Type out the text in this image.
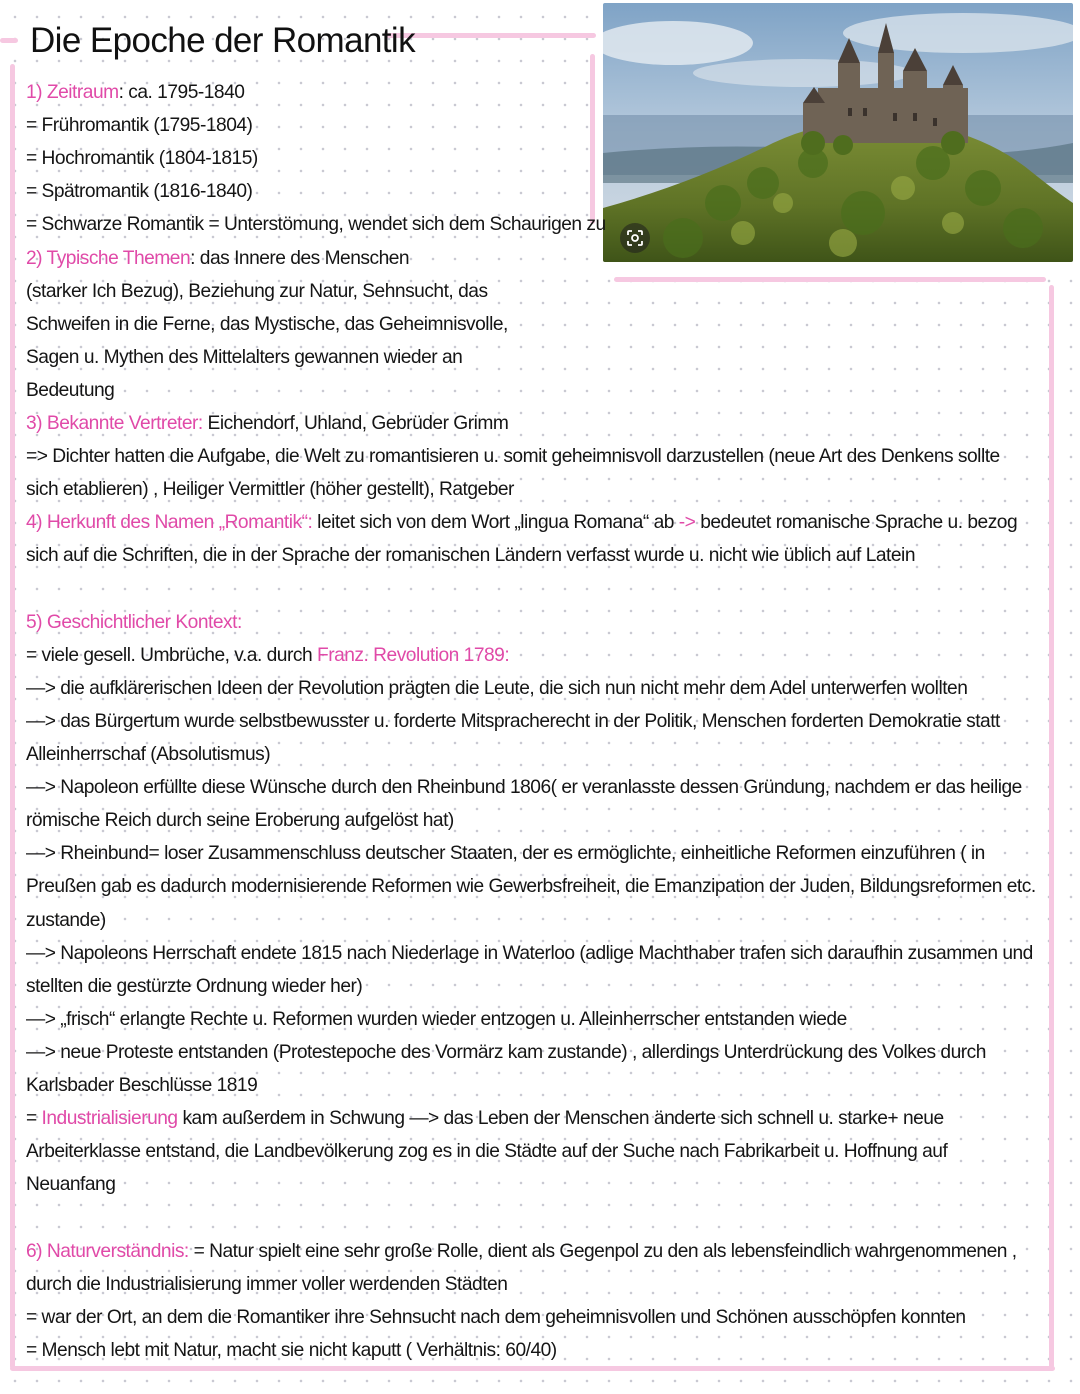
Die Epoche der Romantik
1) Zeitraum: ca. 1795-1840
= Frühromantik (1795-1804)
= Hochromantik (1804-1815)
= Spätromantik (1816-1840)
= Schwarze Romantik = Unterstömung, wendet sich dem Schaurigen zu
2) Typische Themen: das Innere des Menschen
(starker Ich Bezug), Beziehung zur Natur, Sehnsucht, das
Schweifen in die Ferne, das Mystische, das Geheimnisvolle,
Sagen u. Mythen des Mittelalters gewannen wieder an
Bedeutung
3) Bekannte Vertreter: Eichendorf, Uhland, Gebrüder Grimm
=> Dichter hatten die Aufgabe, die Welt zu romantisieren u. somit geheimnisvoll darzustellen (neue Art des Denkens sollte
sich etablieren) , Heiliger Vermittler (höher gestellt), Ratgeber
4) Herkunft des Namen „Romantik“: leitet sich von dem Wort „lingua Romana“ ab -> bedeutet romanische Sprache u. bezog
sich auf die Schriften, die in der Sprache der romanischen Ländern verfasst wurde u. nicht wie üblich auf Latein
5) Geschichtlicher Kontext:
= viele gesell. Umbrüche, v.a. durch Franz. Revolution 1789:
—> die aufklärerischen Ideen der Revolution prägten die Leute, die sich nun nicht mehr dem Adel unterwerfen wollten
—> das Bürgertum wurde selbstbewusster u. forderte Mitspracherecht in der Politik, Menschen forderten Demokratie statt
Alleinherrschaf (Absolutismus)
—> Napoleon erfüllte diese Wünsche durch den Rheinbund 1806( er veranlasste dessen Gründung, nachdem er das heilige
römische Reich durch seine Eroberung aufgelöst hat)
—> Rheinbund= loser Zusammenschluss deutscher Staaten, der es ermöglichte, einheitliche Reformen einzuführen ( in
Preußen gab es dadurch modernisierende Reformen wie Gewerbsfreiheit, die Emanzipation der Juden, Bildungsreformen etc.
zustande)
—> Napoleons Herrschaft endete 1815 nach Niederlage in Waterloo (adlige Machthaber trafen sich daraufhin zusammen und
stellten die gestürzte Ordnung wieder her)
—> „frisch“ erlangte Rechte u. Reformen wurden wieder entzogen u. Alleinherrscher entstanden wiede
—> neue Proteste entstanden (Protestepoche des Vormärz kam zustande) , allerdings Unterdrückung des Volkes durch
Karlsbader Beschlüsse 1819
= Industrialisierung kam außerdem in Schwung —> das Leben der Menschen änderte sich schnell u. starke+ neue
Arbeiterklasse entstand, die Landbevölkerung zog es in die Städte auf der Suche nach Fabrikarbeit u. Hoffnung auf
Neuanfang
6) Naturverständnis: = Natur spielt eine sehr große Rolle, dient als Gegenpol zu den als lebensfeindlich wahrgenommenen ,
durch die Industrialisierung immer voller werdenden Städten
= war der Ort, an dem die Romantiker ihre Sehnsucht nach dem geheimnisvollen und Schönen ausschöpfen konnten
= Mensch lebt mit Natur, macht sie nicht kaputt ( Verhältnis: 60/40)
